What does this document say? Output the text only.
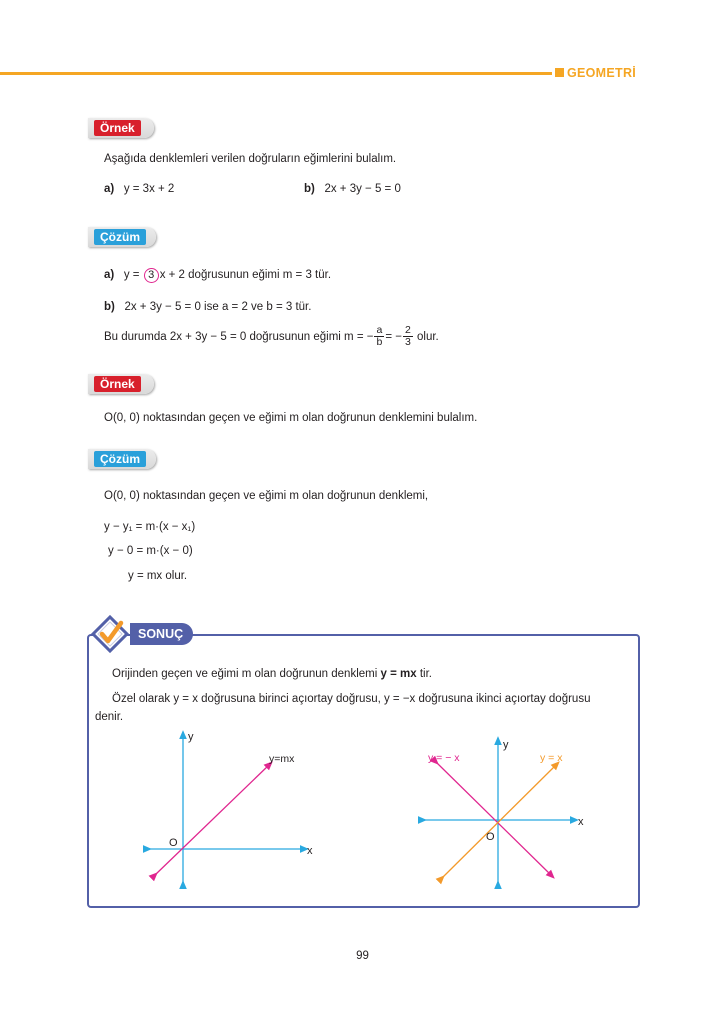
GEOMETRİ
Örnek
Aşağıda denklemleri verilen doğruların eğimlerini bulalım.
a) y = 3x + 2	b) 2x + 3y − 5 = 0
Çözüm
a) y = 3 x + 2 doğrusunun eğimi m = 3 tür.
b) 2x + 3y − 5 = 0 ise a = 2 ve b = 3 tür.
Bu durumda 2x + 3y − 5 = 0 doğrusunun eğimi m = − $\frac{a}{b}$ = − $\frac{2}{3}$ olur.
Örnek
O(0, 0) noktasından geçen ve eğimi m olan doğrunun denklemini bulalım.
Çözüm
O(0, 0) noktasından geçen ve eğimi m olan doğrunun denklemi,
y − y₁ = m·(x − x₁)
y − 0 = m·(x − 0)
y = mx olur.
SONUÇ
Orijinden geçen ve eğimi m olan doğrunun denklemi y = mx tir.
Özel olarak y = x doğrusuna birinci açıortay doğrusu, y = −x doğrusuna ikinci açıortay doğrusu
denir.
y
x
O
y=mx
y
x
O
y = − x	y = x
99
